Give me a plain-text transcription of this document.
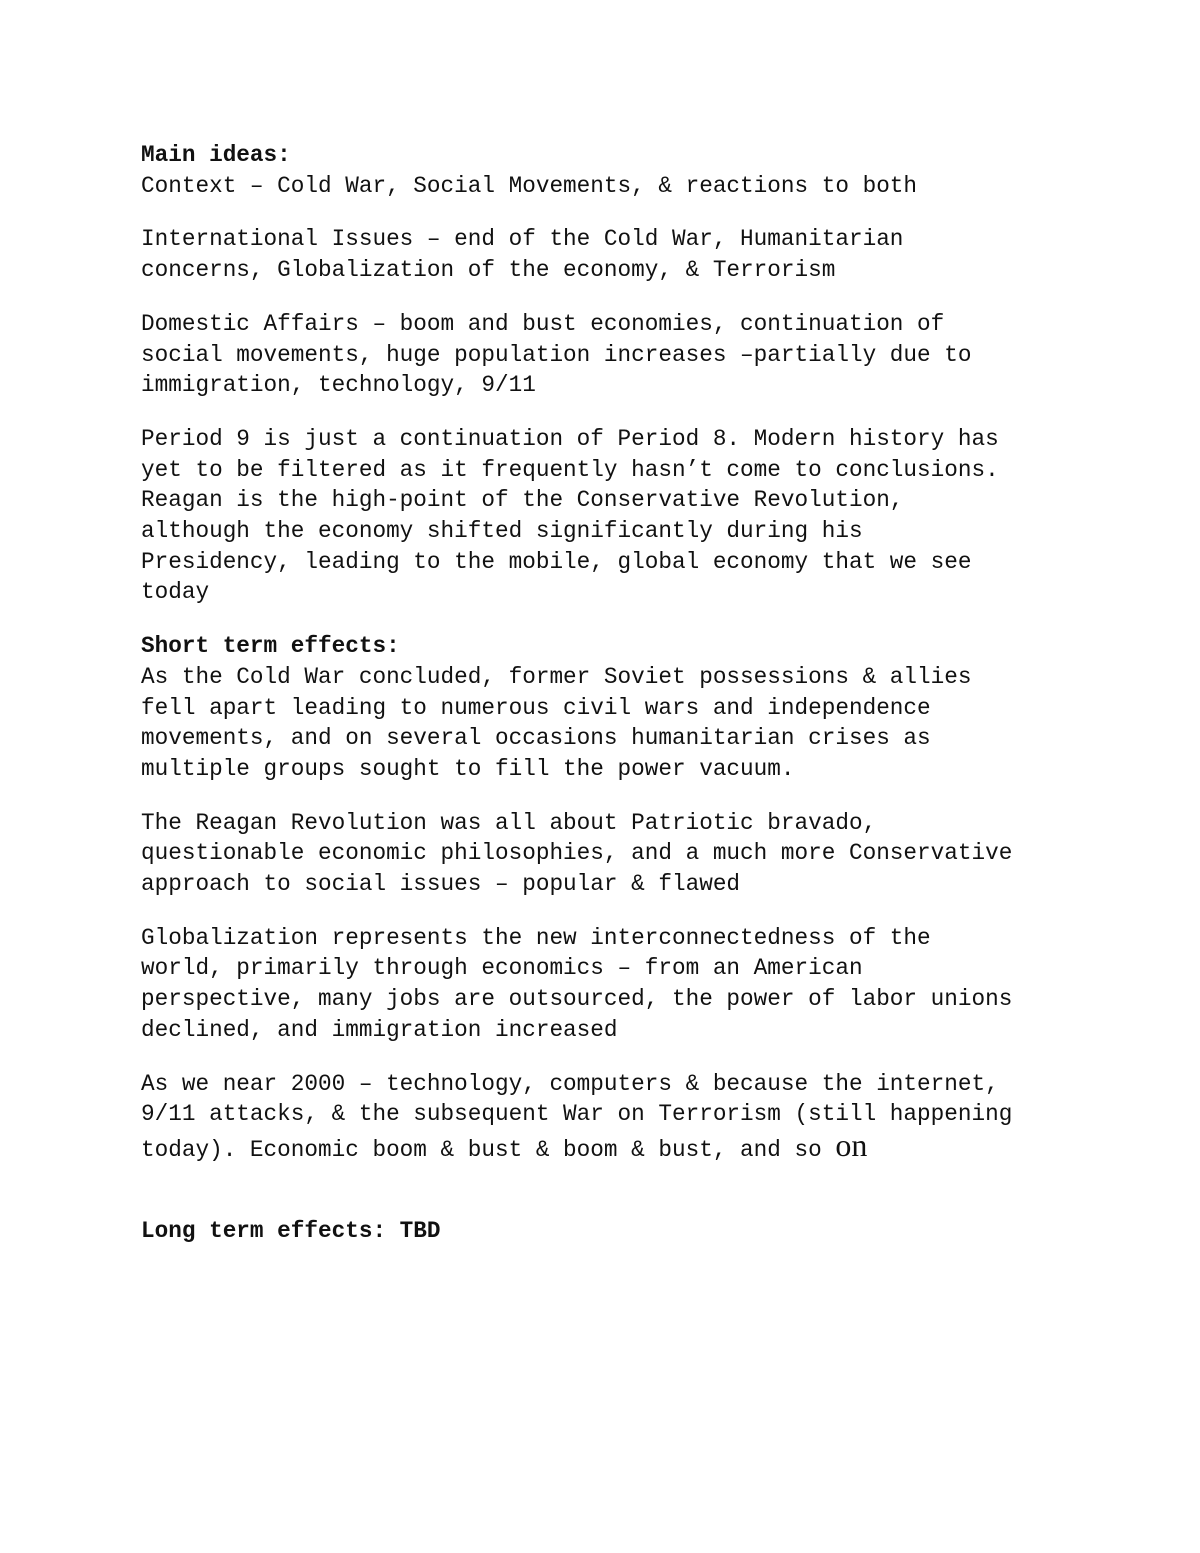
Main ideas:
Context – Cold War, Social Movements, & reactions to both
International Issues – end of the Cold War, Humanitarian
concerns, Globalization of the economy, & Terrorism
Domestic Affairs – boom and bust economies, continuation of
social movements, huge population increases –partially due to
immigration, technology, 9/11
Period 9 is just a continuation of Period 8. Modern history has
yet to be filtered as it frequently hasn’t come to conclusions.
Reagan is the high-point of the Conservative Revolution,
although the economy shifted significantly during his
Presidency, leading to the mobile, global economy that we see
today
Short term effects:
As the Cold War concluded, former Soviet possessions & allies
fell apart leading to numerous civil wars and independence
movements, and on several occasions humanitarian crises as
multiple groups sought to fill the power vacuum.
The Reagan Revolution was all about Patriotic bravado,
questionable economic philosophies, and a much more Conservative
approach to social issues – popular & flawed
Globalization represents the new interconnectedness of the
world, primarily through economics – from an American
perspective, many jobs are outsourced, the power of labor unions
declined, and immigration increased
As we near 2000 – technology, computers & because the internet,
9/11 attacks, & the subsequent War on Terrorism (still happening
today). Economic boom & bust & boom & bust, and so on
Long term effects: TBD
